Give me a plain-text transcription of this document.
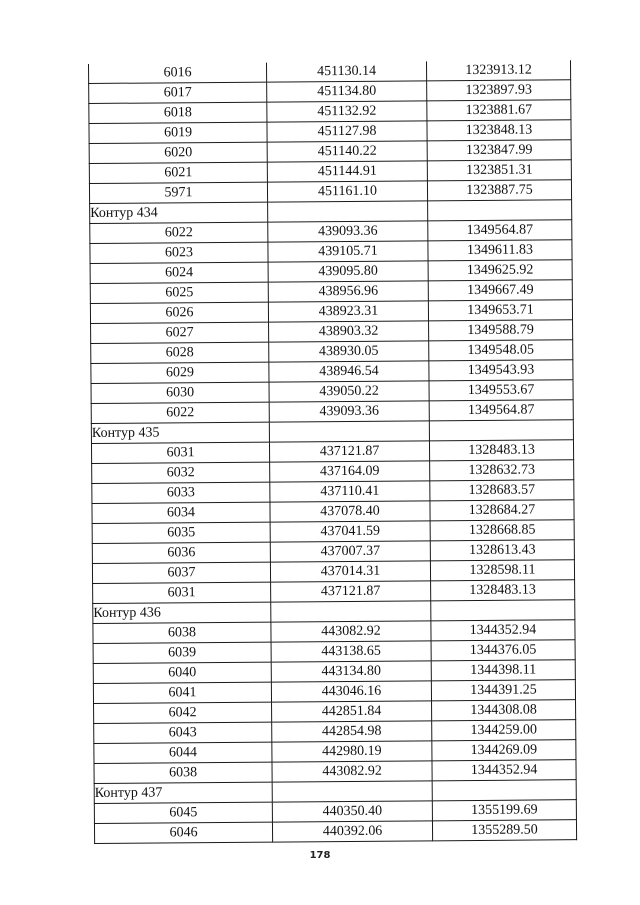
6016	451130.14	1323913.12
6017	451134.80	1323897.93
6018	451132.92	1323881.67
6019	451127.98	1323848.13
6020	451140.22	1323847.99
6021	451144.91	1323851.31
5971	451161.10	1323887.75
Контур 434		
6022	439093.36	1349564.87
6023	439105.71	1349611.83
6024	439095.80	1349625.92
6025	438956.96	1349667.49
6026	438923.31	1349653.71
6027	438903.32	1349588.79
6028	438930.05	1349548.05
6029	438946.54	1349543.93
6030	439050.22	1349553.67
6022	439093.36	1349564.87
Контур 435		
6031	437121.87	1328483.13
6032	437164.09	1328632.73
6033	437110.41	1328683.57
6034	437078.40	1328684.27
6035	437041.59	1328668.85
6036	437007.37	1328613.43
6037	437014.31	1328598.11
6031	437121.87	1328483.13
Контур 436		
6038	443082.92	1344352.94
6039	443138.65	1344376.05
6040	443134.80	1344398.11
6041	443046.16	1344391.25
6042	442851.84	1344308.08
6043	442854.98	1344259.00
6044	442980.19	1344269.09
6038	443082.92	1344352.94
Контур 437		
6045	440350.40	1355199.69
6046	440392.06	1355289.50
178
